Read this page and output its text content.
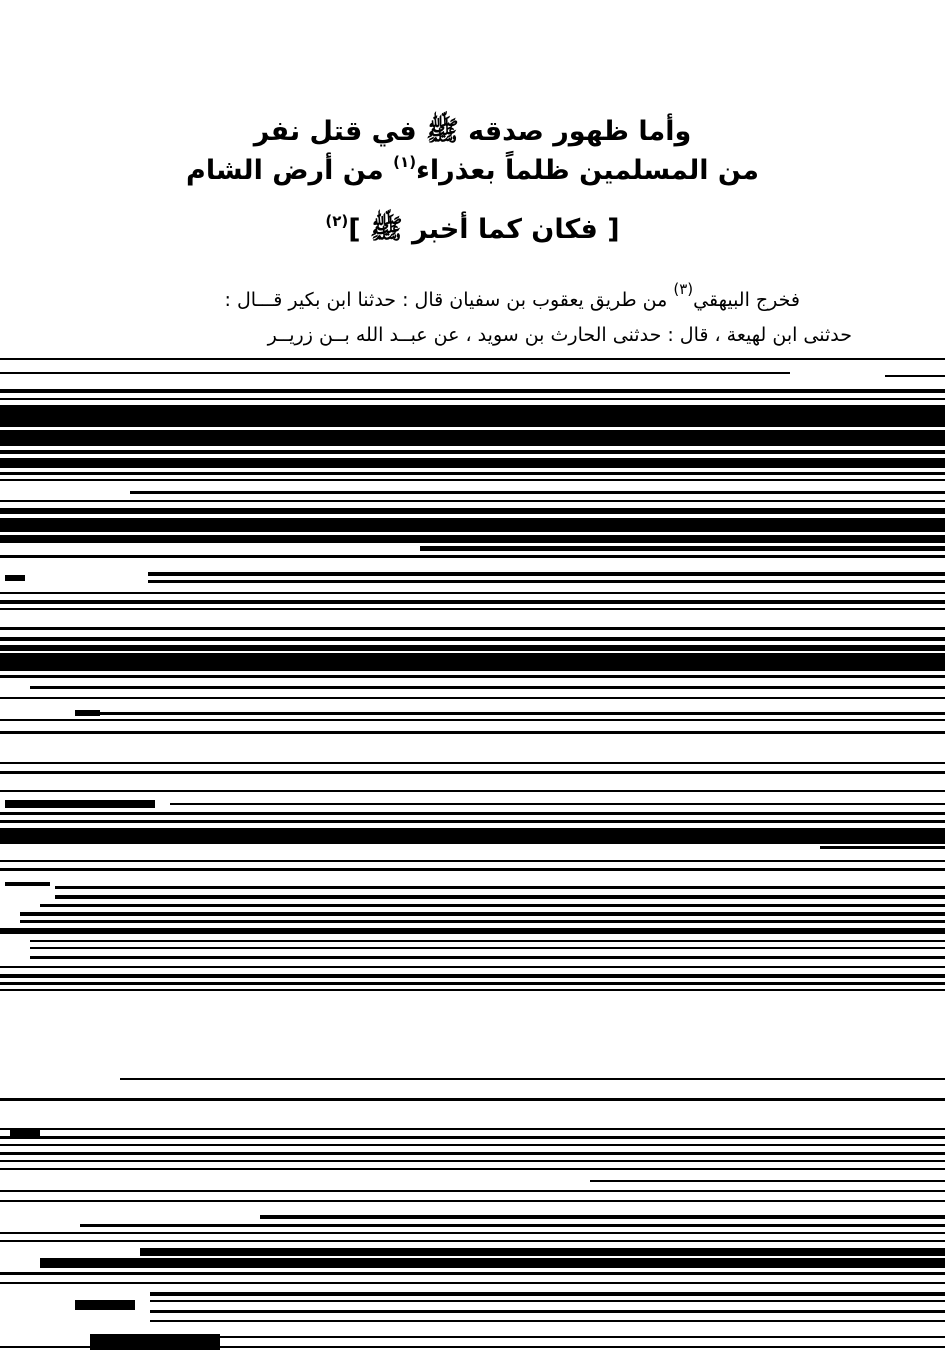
وأما ظهور صدقه ﷺ في قتل نفر
من المسلمين ظلماً بعذراء$^{(١)}$ من أرض الشام
[ فكان كما أخبر ﷺ ]$^{(٢)}$
فخرج البيهقي$^{(٣)}$ من طريق يعقوب بن سفيان قال : حدثنا ابن بكير قـــال :
حدثنى ابن لهيعة ، قال : حدثنى الحارث بن سويد ، عن عبــد الله بــن زريــر
